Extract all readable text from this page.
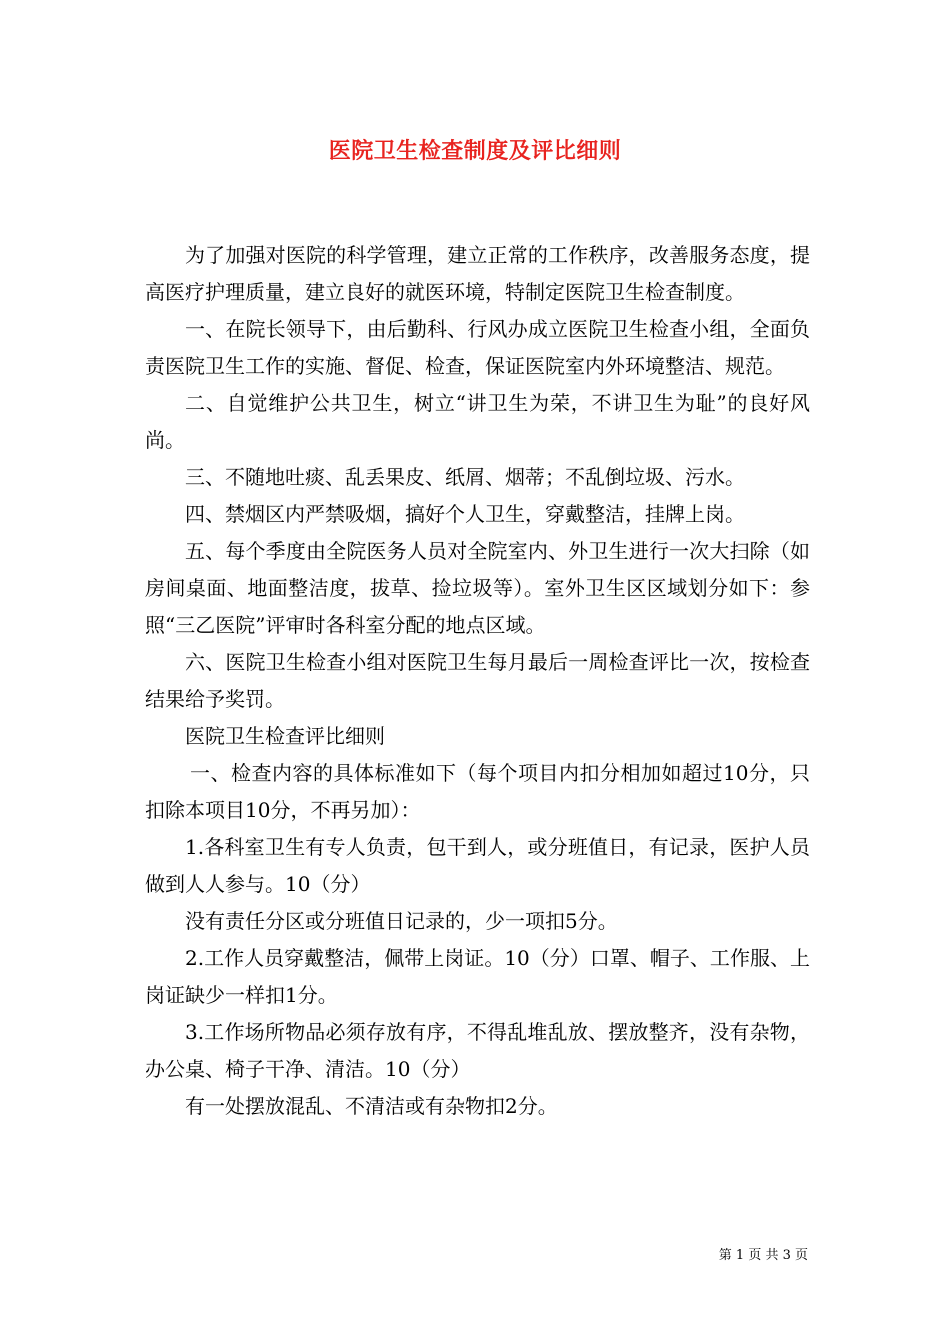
医院卫生检查制度及评比细则

为了加强对医院的科学管理，建立正常的工作秩序，改善服务态度，提高医疗护理质量，建立良好的就医环境，特制定医院卫生检查制度。

一、在院长领导下，由后勤科、行风办成立医院卫生检查小组，全面负责医院卫生工作的实施、督促、检查，保证医院室内外环境整洁、规范。

二、自觉维护公共卫生，树立“讲卫生为荣，不讲卫生为耻”的良好风尚。

三、不随地吐痰、乱丢果皮、纸屑、烟蒂；不乱倒垃圾、污水。

四、禁烟区内严禁吸烟，搞好个人卫生，穿戴整洁，挂牌上岗。

五、每个季度由全院医务人员对全院室内、外卫生进行一次大扫除（如房间桌面、地面整洁度，拔草、捡垃圾等）。室外卫生区区域划分如下：参照“三乙医院”评审时各科室分配的地点区域。

六、医院卫生检查小组对医院卫生每月最后一周检查评比一次，按检查结果给予奖罚。

医院卫生检查评比细则

一、检查内容的具体标准如下（每个项目内扣分相加如超过10分，只扣除本项目10分，不再另加）：

1.各科室卫生有专人负责，包干到人，或分班值日，有记录，医护人员做到人人参与。10（分）

没有责任分区或分班值日记录的，少一项扣5分。

2.工作人员穿戴整洁，佩带上岗证。10（分）口罩、帽子、工作服、上岗证缺少一样扣1分。

3.工作场所物品必须存放有序，不得乱堆乱放、摆放整齐，没有杂物，办公桌、椅子干净、清洁。10（分）

有一处摆放混乱、不清洁或有杂物扣2分。

第 1 页 共 3 页
